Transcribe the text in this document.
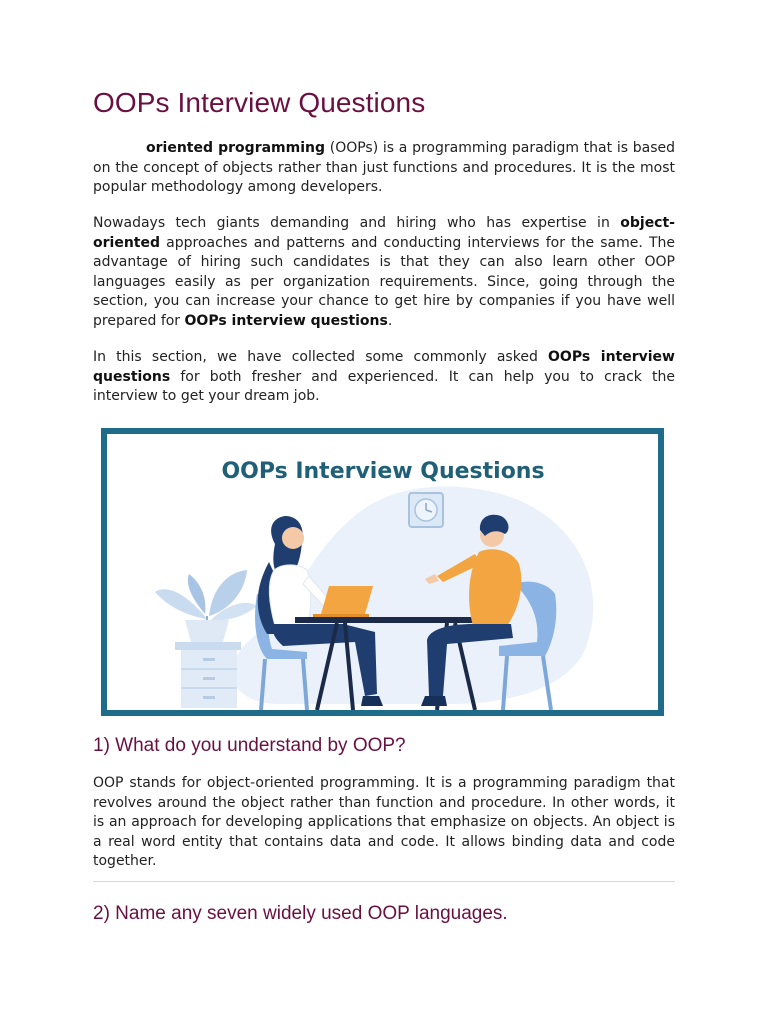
OOPs Interview Questions

oriented programming (OOPs) is a programming paradigm that is based on the concept of objects rather than just functions and procedures. It is the most popular methodology among developers.

Nowadays tech giants demanding and hiring who has expertise in object- oriented approaches and patterns and conducting interviews for the same. The advantage of hiring such candidates is that they can also learn other OOP languages easily as per organization requirements. Since, going through the section, you can increase your chance to get hire by companies if you have well prepared for OOPs interview questions.

In this section, we have collected some commonly asked OOPs interview questions for both fresher and experienced. It can help you to crack the interview to get your dream job.

OOPs Interview Questions
1) What do you understand by OOP?

OOP stands for object-oriented programming. It is a programming paradigm that revolves around the object rather than function and procedure. In other words, it is an approach for developing applications that emphasize on objects. An object is a real word entity that contains data and code. It allows binding data and code together.

2) Name any seven widely used OOP languages.
